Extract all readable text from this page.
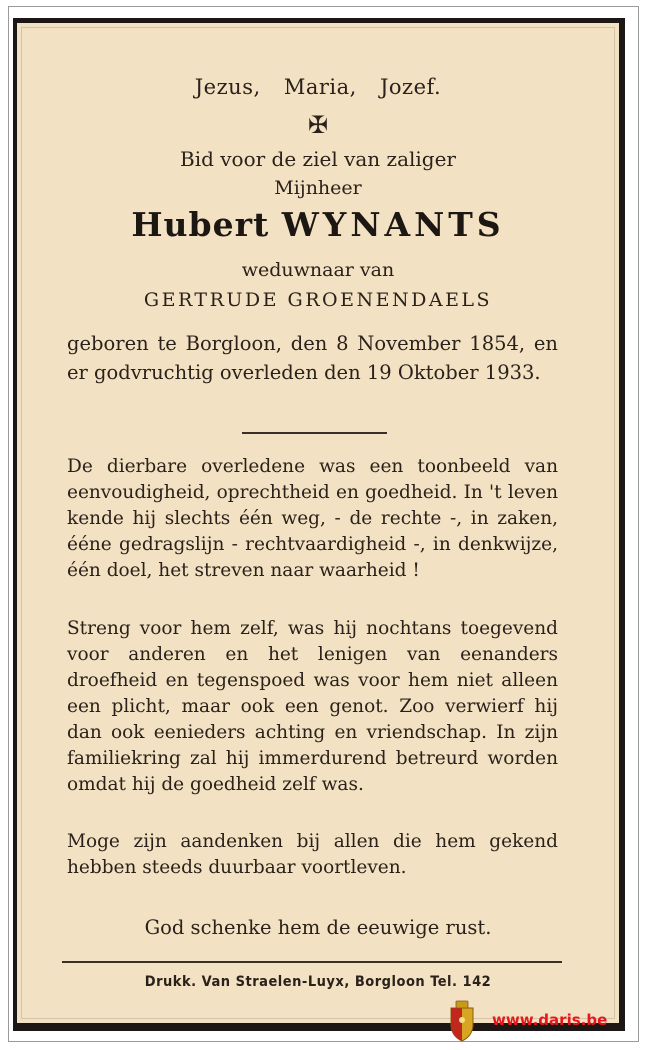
Jezus, Maria, Jozef.
✠
Bid voor de ziel van zaliger
Mijnheer
Hubert WYNANTS
weduwnaar van
GERTRUDE GROENENDAELS
geboren te Borgloon, den 8 November 1854, en er godvruchtig overleden den 19 Oktober 1933.
De dierbare overledene was een toonbeeld van eenvoudigheid, oprechtheid en goedheid. In 't leven kende hij slechts één weg, - de rechte -, in zaken, ééne gedragslijn - rechtvaardigheid -, in denkwijze, één doel, het streven naar waarheid !
Streng voor hem zelf, was hij nochtans toegevend voor anderen en het lenigen van eenanders droefheid en tegenspoed was voor hem niet alleen een plicht, maar ook een genot. Zoo verwierf hij dan ook eenieders achting en vriendschap. In zijn familiekring zal hij immerdurend betreurd worden omdat hij de goedheid zelf was.
Moge zijn aandenken bij allen die hem gekend hebben steeds duurbaar voortleven.
God schenke hem de eeuwige rust.
Drukk. Van Straelen-Luyx, Borgloon Tel. 142
www.daris.be
